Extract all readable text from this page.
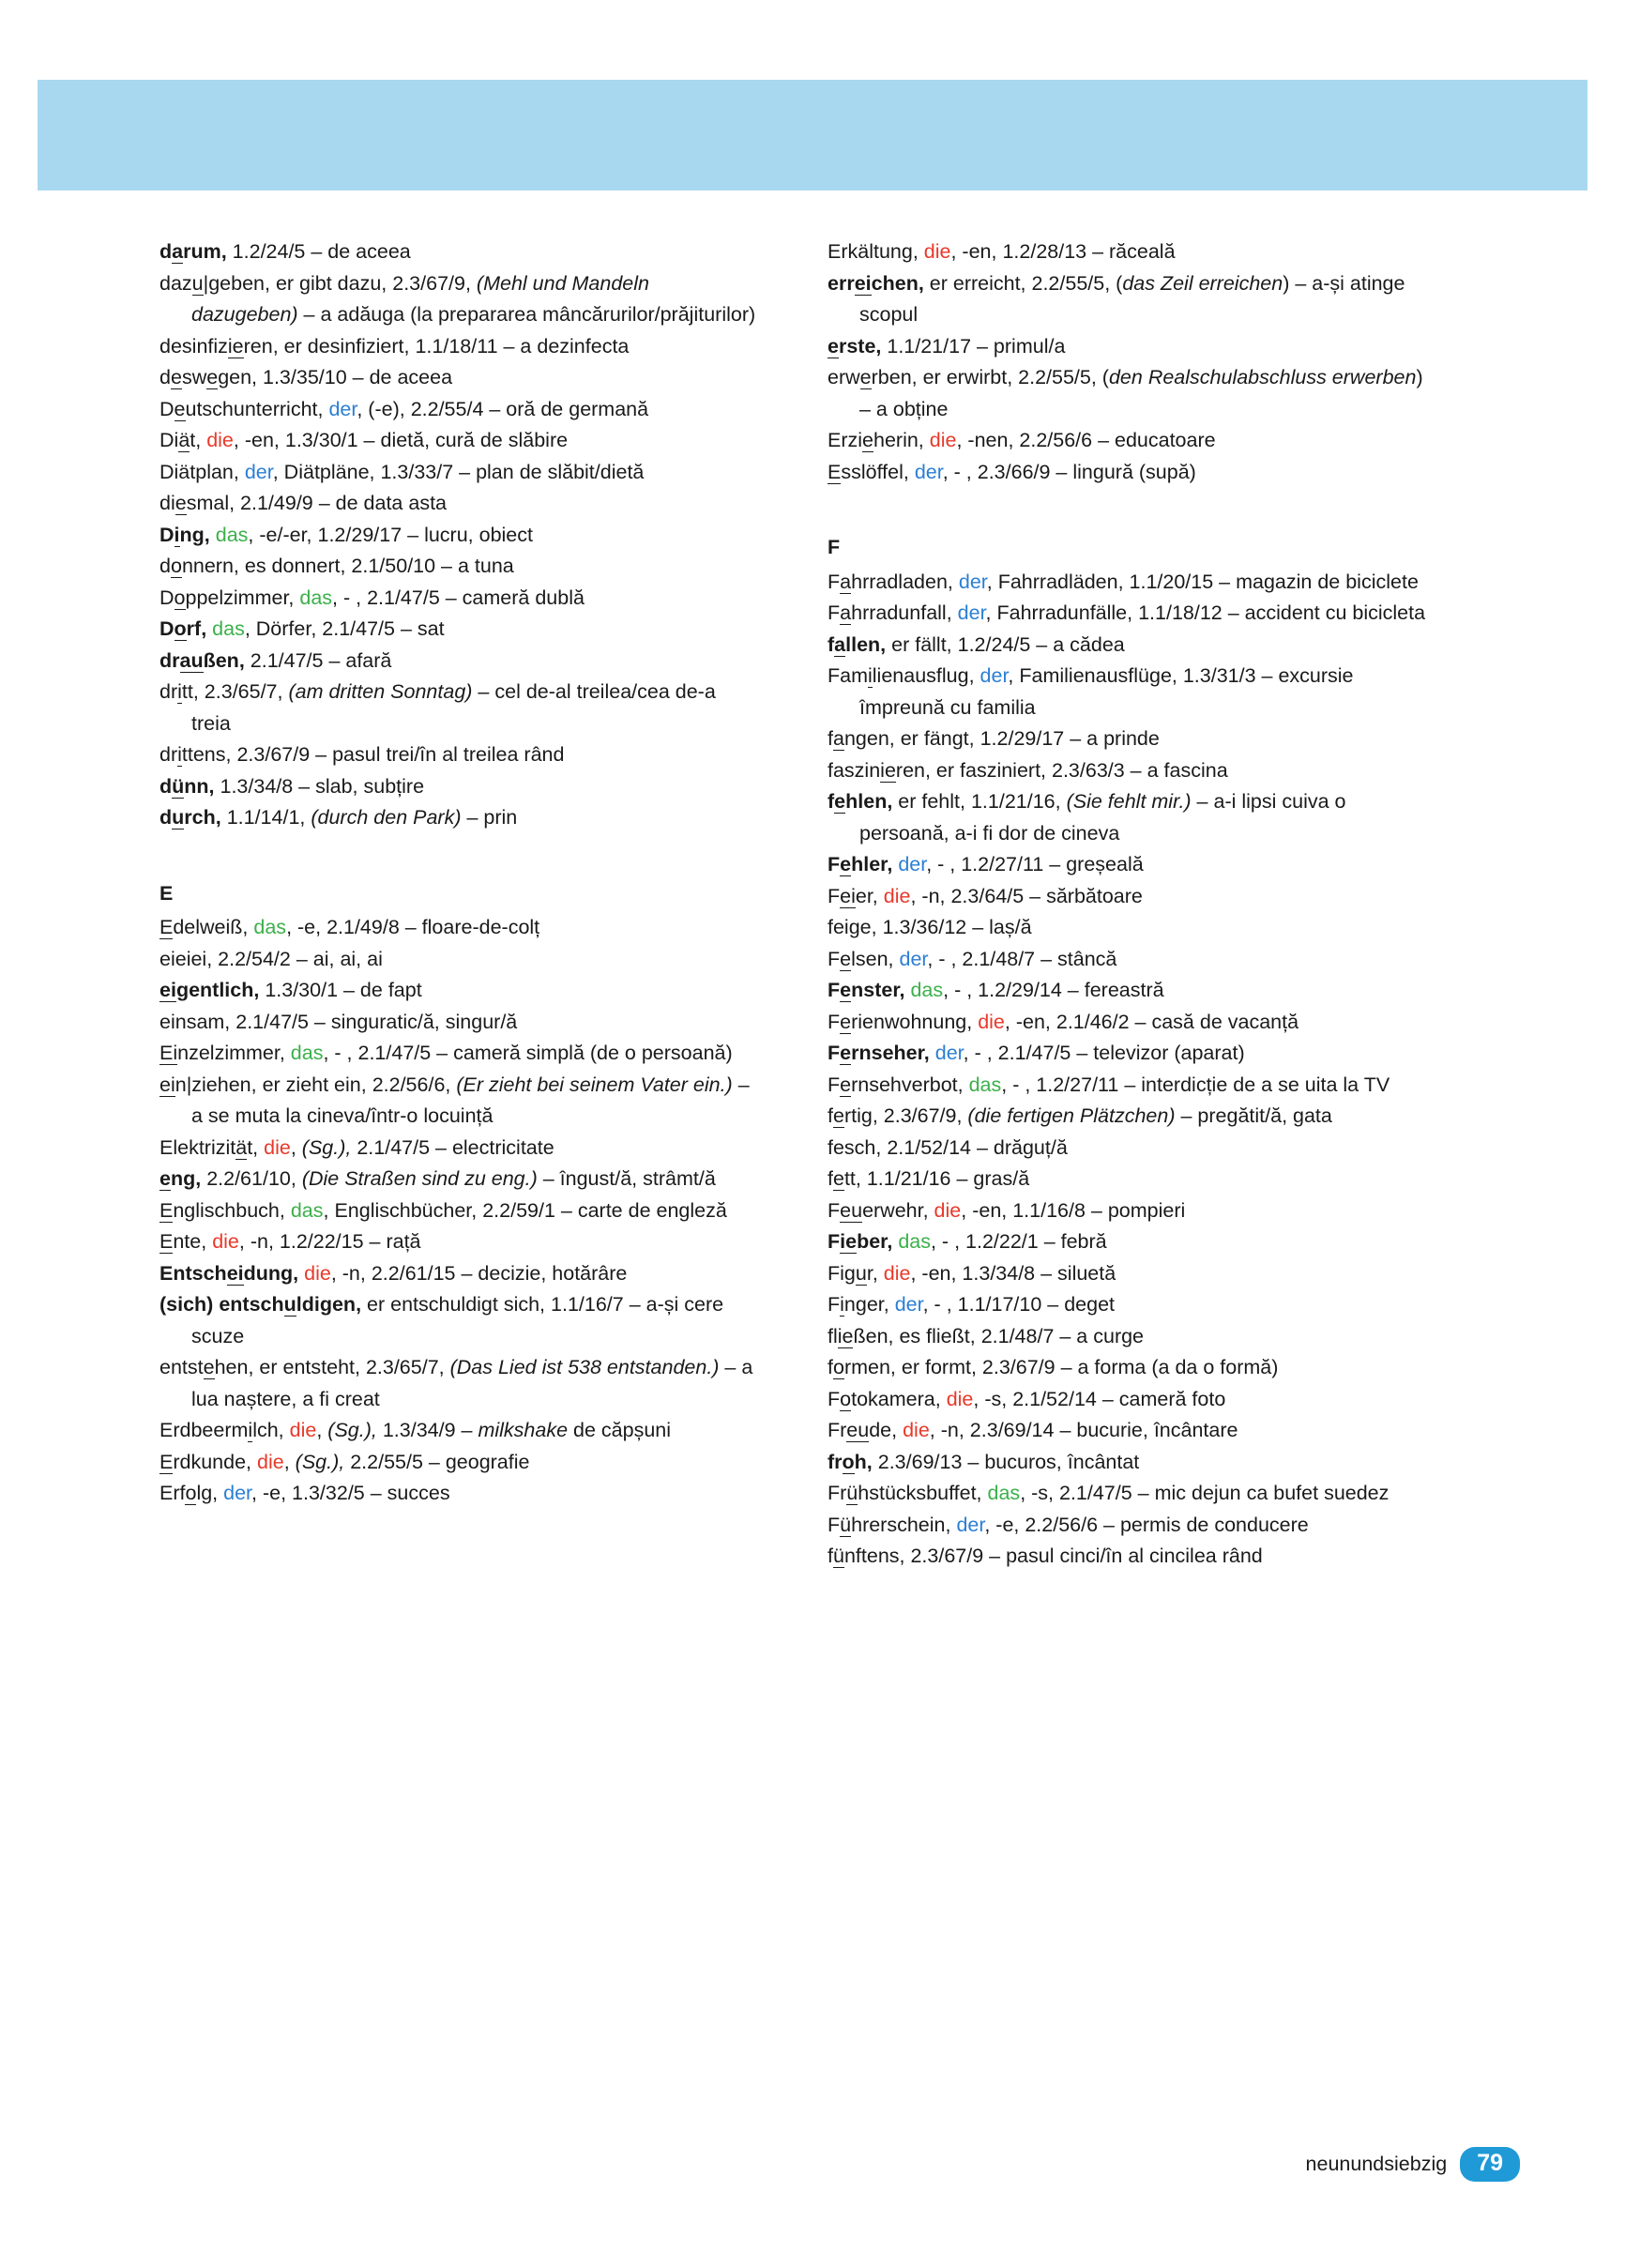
darum, 1.2/24/5 – de aceea

dazu|geben, er gibt dazu, 2.3/67/9, (Mehl und Mandeln dazugeben) – a adăuga (la prepararea mâncărurilor/prăjiturilor)

desinfizieren, er desinfiziert, 1.1/18/11 – a dezinfecta

deswegen, 1.3/35/10 – de aceea

Deutschunterricht, der, (-e), 2.2/55/4 – oră de germană

Diät, die, -en, 1.3/30/1 – dietă, cură de slăbire

Diätplan, der, Diätpläne, 1.3/33/7 – plan de slăbit/dietă

diesmal, 2.1/49/9 – de data asta

Ding, das, -e/-er, 1.2/29/17 – lucru, obiect

donnern, es donnert, 2.1/50/10 – a tuna

Doppelzimmer, das, - , 2.1/47/5 – cameră dublă

Dorf, das, Dörfer, 2.1/47/5 – sat

draußen, 2.1/47/5 – afară

dritt, 2.3/65/7, (am dritten Sonntag) – cel de-al treilea/cea de-a treia

drittens, 2.3/67/9 – pasul trei/în al treilea rând

dünn, 1.3/34/8 – slab, subțire

durch, 1.1/14/1, (durch den Park) – prin

E

Edelweiß, das, -e, 2.1/49/8 – floare-de-colț

eieiei, 2.2/54/2 – ai, ai, ai

eigentlich, 1.3/30/1 – de fapt

einsam, 2.1/47/5 – singuratic/ă, singur/ă

Einzelzimmer, das, - , 2.1/47/5 – cameră simplă (de o persoană)

ein|ziehen, er zieht ein, 2.2/56/6, (Er zieht bei seinem Vater ein.) – a se muta la cineva/într-o locuință

Elektrizität, die, (Sg.), 2.1/47/5 – electricitate

eng, 2.2/61/10, (Die Straßen sind zu eng.) – îngust/ă, strâmt/ă

Englischbuch, das, Englischbücher, 2.2/59/1 – carte de engleză

Ente, die, -n, 1.2/22/15 – rață

Entscheidung, die, -n, 2.2/61/15 – decizie, hotărâre

(sich) entschuldigen, er entschuldigt sich, 1.1/16/7 – a-și cere scuze

entstehen, er entsteht, 2.3/65/7, (Das Lied ist 538 entstanden.) – a lua naștere, a fi creat

Erdbeermilch, die, (Sg.), 1.3/34/9 – milkshake de căpșuni

Erdkunde, die, (Sg.), 2.2/55/5 – geografie

Erfolg, der, -e, 1.3/32/5 – succes

Erkältung, die, -en, 1.2/28/13 – răceală

erreichen, er erreicht, 2.2/55/5, (das Zeil erreichen) – a-și atinge scopul

erste, 1.1/21/17 – primul/a

erwerben, er erwirbt, 2.2/55/5, (den Realschulabschluss erwerben) – a obține

Erzieherin, die, -nen, 2.2/56/6 – educatoare

Esslöffel, der, - , 2.3/66/9 – lingură (supă)

F

Fahrradladen, der, Fahrradläden, 1.1/20/15 – magazin de biciclete

Fahrradunfall, der, Fahrradunfälle, 1.1/18/12 – accident cu bicicleta

fallen, er fällt, 1.2/24/5 – a cădea

Familienausflug, der, Familienausflüge, 1.3/31/3 – excursie împreună cu familia

fangen, er fängt, 1.2/29/17 – a prinde

faszinieren, er fasziniert, 2.3/63/3 – a fascina

fehlen, er fehlt, 1.1/21/16, (Sie fehlt mir.) – a-i lipsi cuiva o persoană, a-i fi dor de cineva

Fehler, der, - , 1.2/27/11 – greșeală

Feier, die, -n, 2.3/64/5 – sărbătoare

feige, 1.3/36/12 – laș/ă

Felsen, der, - , 2.1/48/7 – stâncă

Fenster, das, - , 1.2/29/14 – fereastră

Ferienwohnung, die, -en, 2.1/46/2 – casă de vacanță

Fernseher, der, - , 2.1/47/5 – televizor (aparat)

Fernsehverbot, das, - , 1.2/27/11 – interdicție de a se uita la TV

fertig, 2.3/67/9, (die fertigen Plätzchen) – pregătit/ă, gata

fesch, 2.1/52/14 – drăguț/ă

fett, 1.1/21/16 – gras/ă

Feuerwehr, die, -en, 1.1/16/8 – pompieri

Fieber, das, - , 1.2/22/1 – febră

Figur, die, -en, 1.3/34/8 – siluetă

Finger, der, - , 1.1/17/10 – deget

fließen, es fließt, 2.1/48/7 – a curge

formen, er formt, 2.3/67/9 – a forma (a da o formă)

Fotokamera, die, -s, 2.1/52/14 – cameră foto

Freude, die, -n, 2.3/69/14 – bucurie, încântare

froh, 2.3/69/13 – bucuros, încântat

Frühstücksbuffet, das, -s, 2.1/47/5 – mic dejun ca bufet suedez

Führerschein, der, -e, 2.2/56/6 – permis de conducere

fünftens, 2.3/67/9 – pasul cinci/în al cincilea rând

neunundsiebzig	79
